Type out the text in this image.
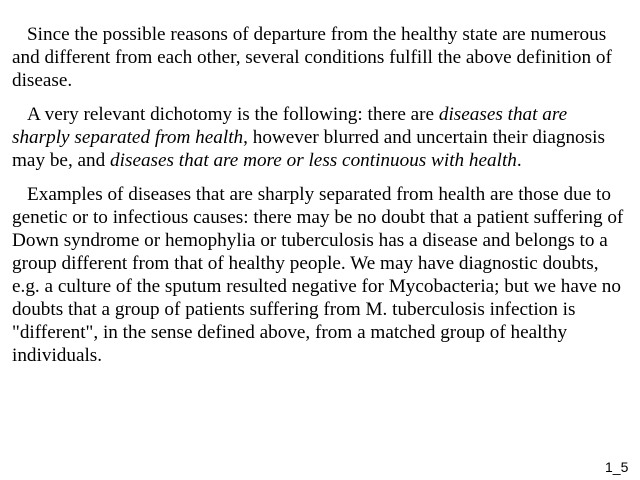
Since the possible reasons of departure from the healthy state are numerous and different from each other, several conditions fulfill the above definition of disease.

A very relevant dichotomy is the following: there are diseases that are sharply separated from health, however blurred and uncertain their diagnosis may be, and diseases that are more or less continuous with health.

Examples of diseases that are sharply separated from health are those due to genetic or to infectious causes: there may be no doubt that a patient suffering of Down syndrome or hemophylia or tuberculosis has a disease and belongs to a group different from that of healthy people. We may have diagnostic doubts, e.g. a culture of the sputum resulted negative for Mycobacteria; but we have no doubts that a group of patients suffering from M. tuberculosis infection is "different", in the sense defined above, from a matched group of healthy individuals.

1_5
